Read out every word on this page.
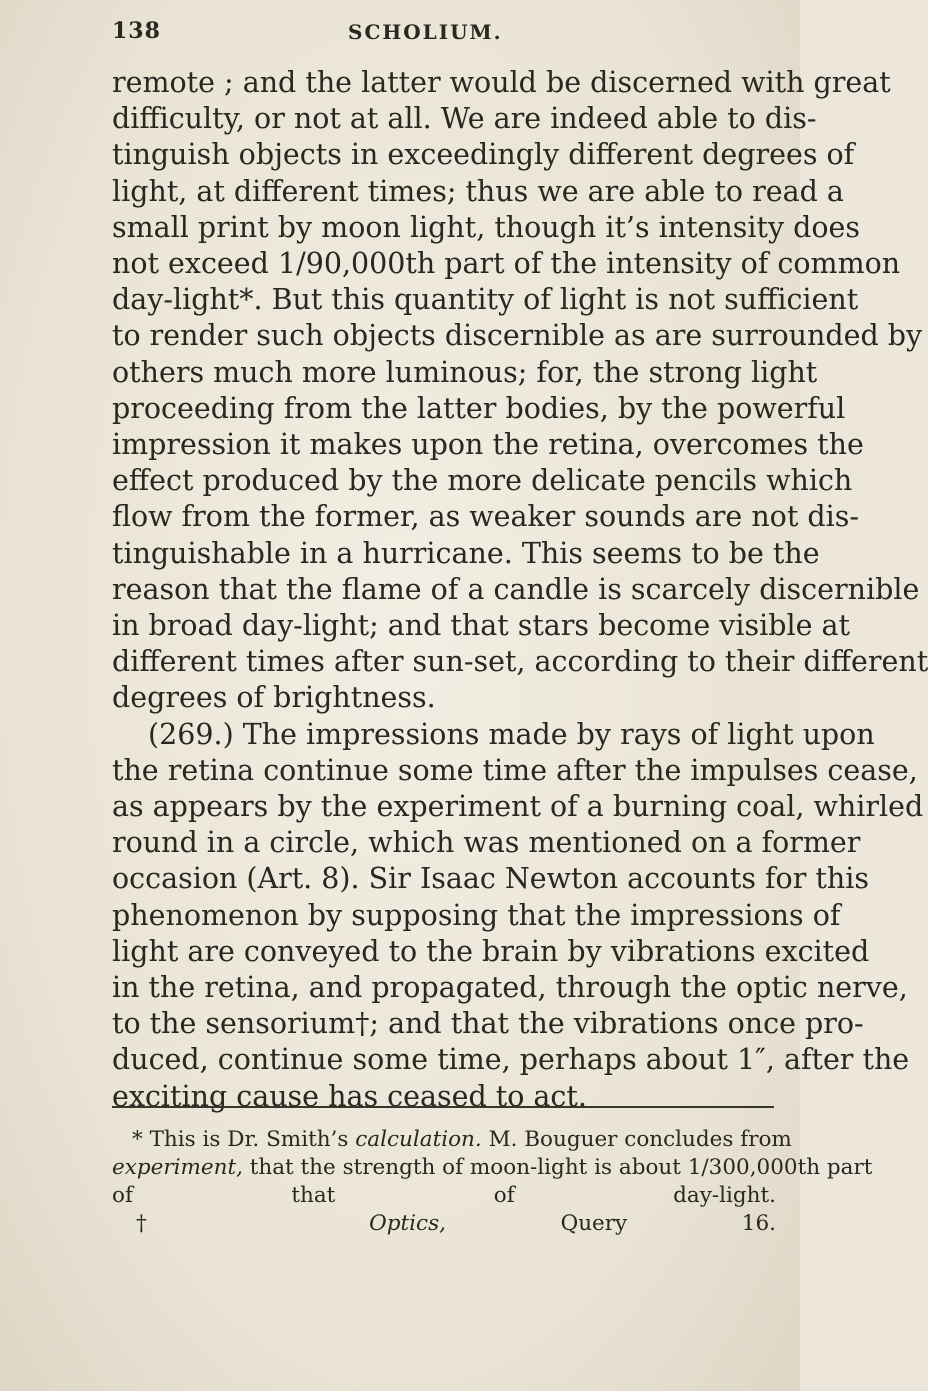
138	SCHOLIUM.
remote ; and the latter would be discerned with great
difficulty, or not at all. We are indeed able to dis-
tinguish objects in exceedingly different degrees of
light, at different times; thus we are able to read a
small print by moon light, though it’s intensity does
not exceed 1/90,000th part of the intensity of common
day-light*. But this quantity of light is not sufficient
to render such objects discernible as are surrounded by
others much more luminous; for, the strong light
proceeding from the latter bodies, by the powerful
impression it makes upon the retina, overcomes the
effect produced by the more delicate pencils which
flow from the former, as weaker sounds are not dis-
tinguishable in a hurricane. This seems to be the
reason that the flame of a candle is scarcely discernible
in broad day-light; and that stars become visible at
different times after sun-set, according to their different
degrees of brightness.
(269.) The impressions made by rays of light upon
the retina continue some time after the impulses cease,
as appears by the experiment of a burning coal, whirled
round in a circle, which was mentioned on a former
occasion (Art. 8). Sir Isaac Newton accounts for this
phenomenon by supposing that the impressions of
light are conveyed to the brain by vibrations excited
in the retina, and propagated, through the optic nerve,
to the sensorium†; and that the vibrations once pro-
duced, continue some time, perhaps about 1″, after the
exciting cause has ceased to act.
* This is Dr. Smith’s calculation. M. Bouguer concludes from
experiment, that the strength of moon-light is about 1/300,000th part
of that of day-light.
† Optics, Query 16.
